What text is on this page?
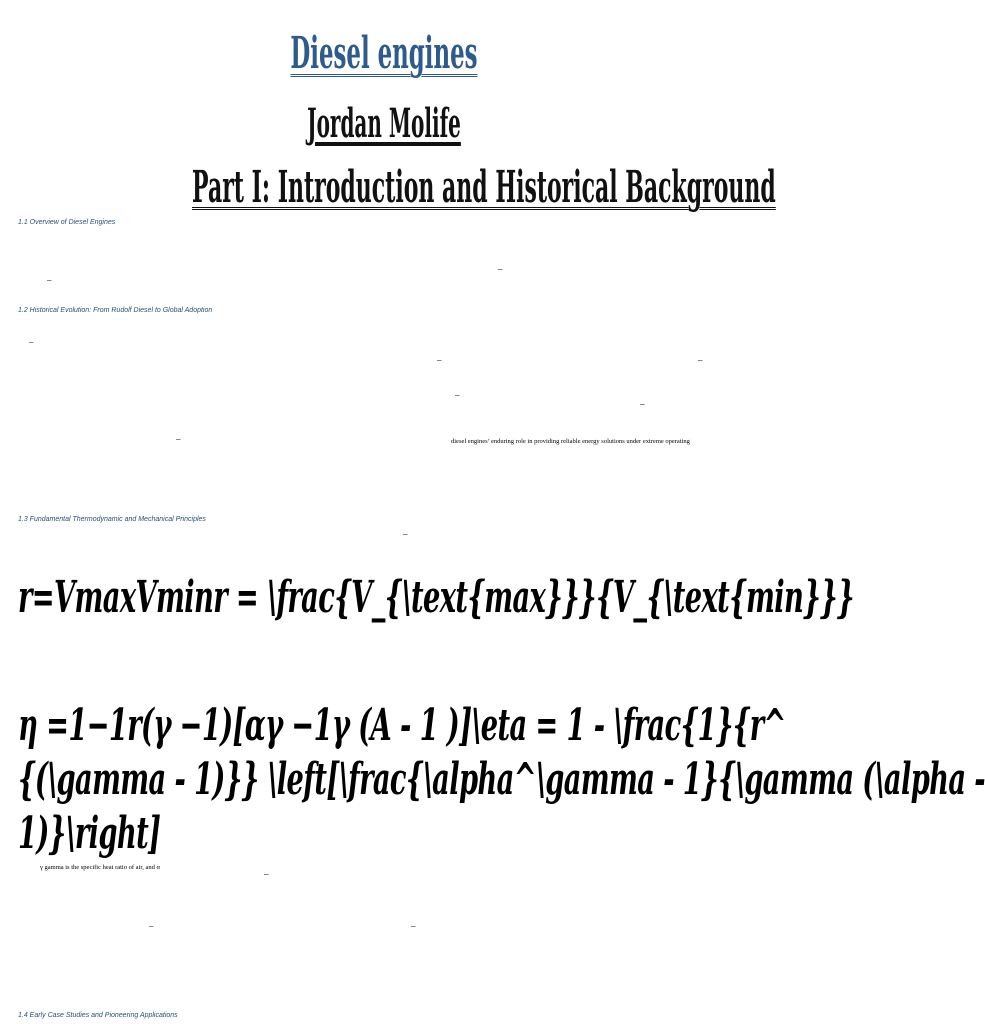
Diesel engines
Jordan Molife
Part I: Introduction and Historical Background
1.1 Overview of Diesel Engines
–
–
1.2 Historical Evolution: From Rudolf Diesel to Global Adoption
–
–	–
–
–
–	diesel engines’ enduring role in providing reliable energy solutions under extreme operating
1.3 Fundamental Thermodynamic and Mechanical Principles
–
r=VmaxVminr = \frac{V_{\text{max}}}{V_{\text{min}}}
η =1−1r(γ −1)[αγ −1γ (A - 1 )]\eta = 1 - \frac{1}{r^
{(\gamma - 1)}} \left[\frac{\alpha^\gamma - 1}{\gamma (\alpha -
1)}\right]
γ gamma is the specific heat ratio of air, and α
–
–	–
1.4 Early Case Studies and Pioneering Applications
